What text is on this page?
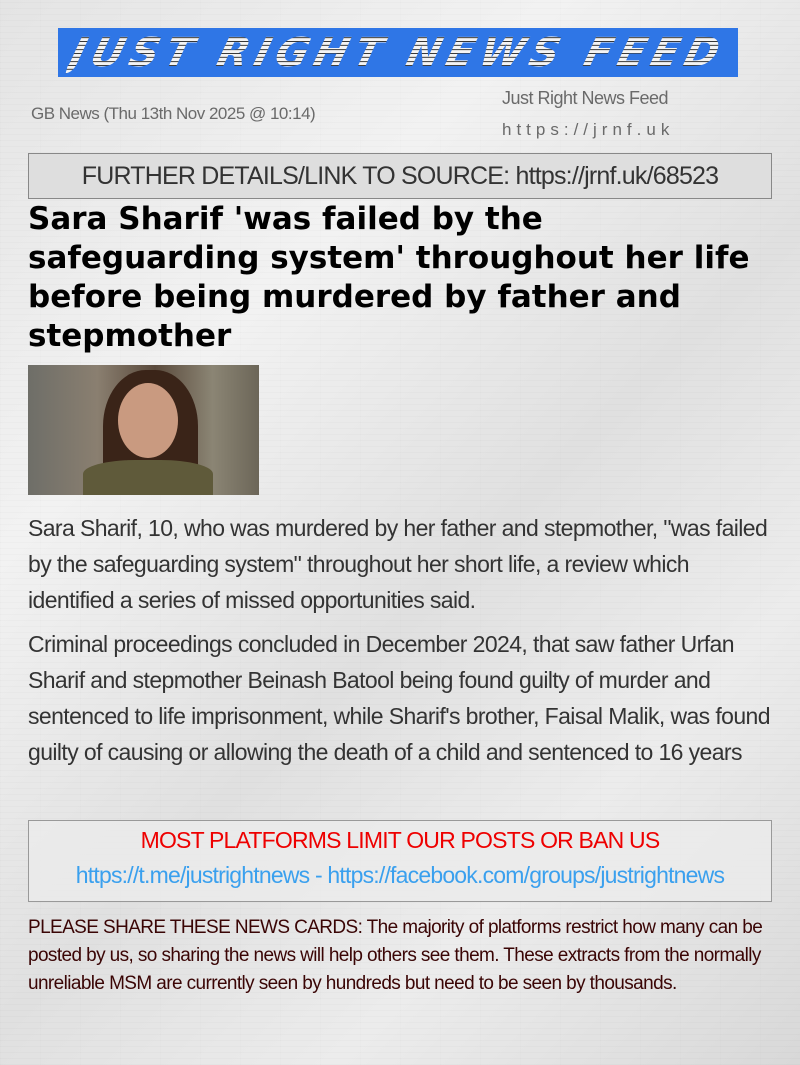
JUST RIGHT NEWS FEED
GB News (Thu 13th Nov 2025 @ 10:14)
Just Right News Feed
https://jrnf.uk
FURTHER DETAILS/LINK TO SOURCE: https://jrnf.uk/68523
Sara Sharif 'was failed by the safeguarding system' throughout her life before being murdered by father and stepmother

Sara Sharif, 10, who was murdered by her father and stepmother, "was failed by the safeguarding system" throughout her short life, a review which identified a series of missed opportunities said.

Criminal proceedings concluded in December 2024, that saw father Urfan Sharif and stepmother Beinash Batool being found guilty of murder and sentenced to life imprisonment, while Sharif's brother, Faisal Malik, was found guilty of causing or allowing the death of a child and sentenced to 16 years

MOST PLATFORMS LIMIT OUR POSTS OR BAN US
https://t.me/justrightnews - https://facebook.com/groups/justrightnews
PLEASE SHARE THESE NEWS CARDS: The majority of platforms restrict how many can be posted by us, so sharing the news will help others see them. These extracts from the normally unreliable MSM are currently seen by hundreds but need to be seen by thousands.
